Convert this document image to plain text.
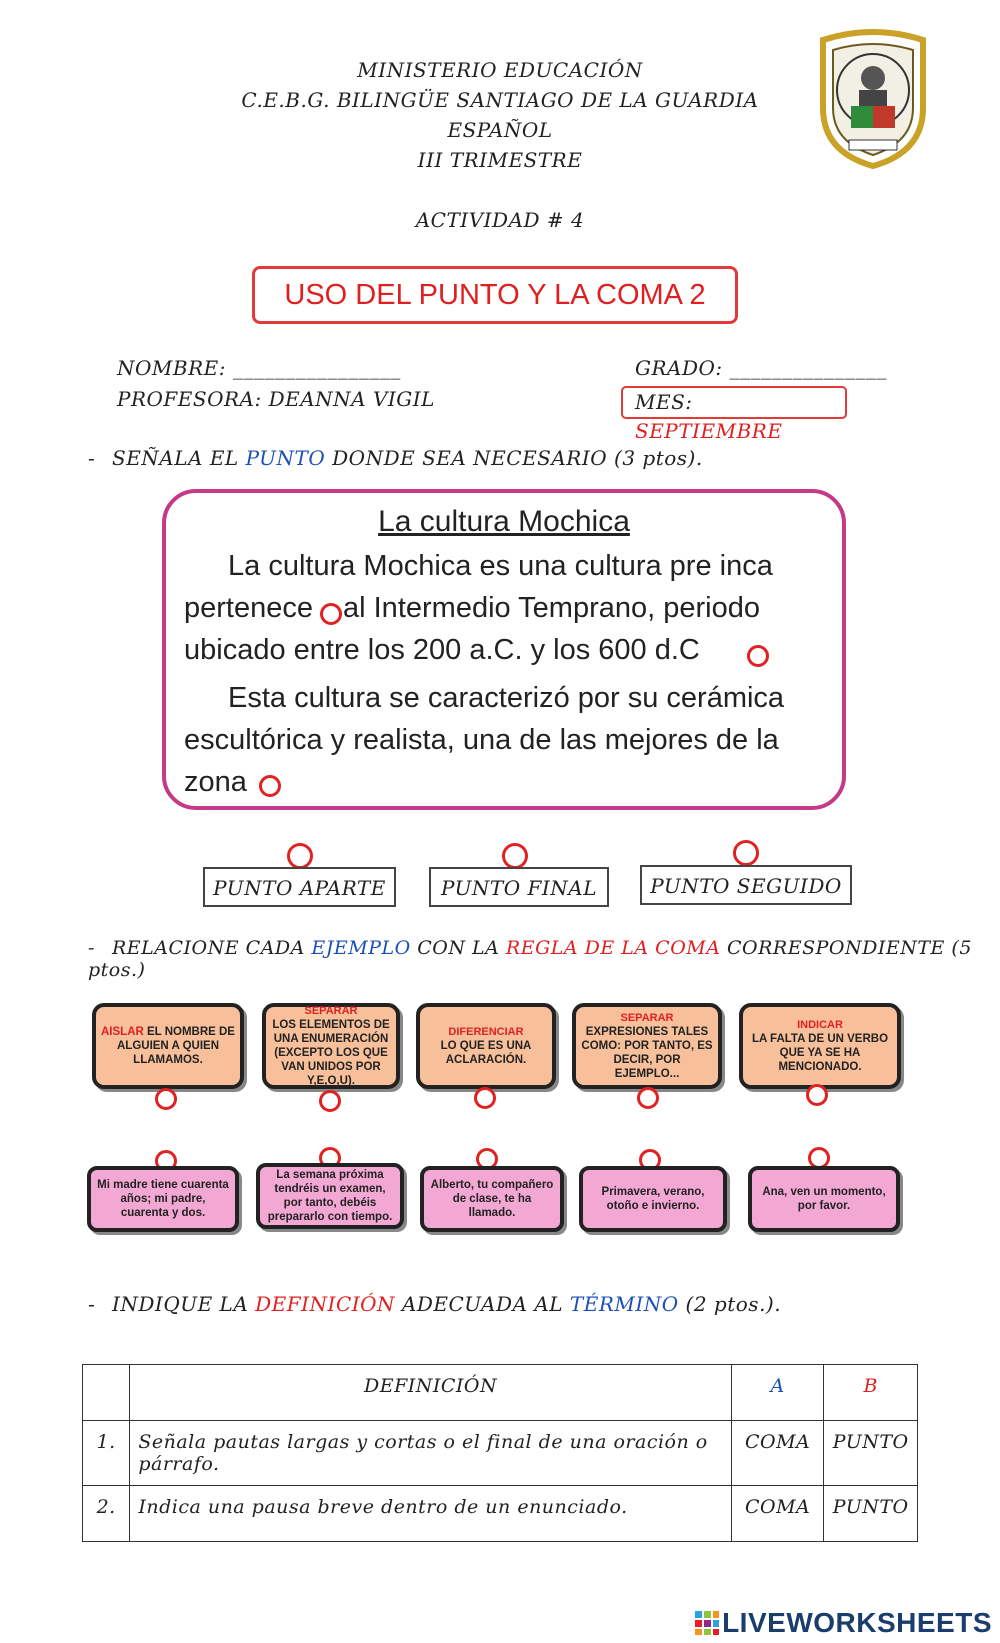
MINISTERIO EDUCACIÓN
C.E.B.G. BILINGÜE SANTIAGO DE LA GUARDIA
ESPAÑOL
III TRIMESTRE
ACTIVIDAD # 4
USO DEL PUNTO Y LA COMA 2
NOMBRE: ________________
PROFESORA: DEANNA VIGIL
GRADO: _______________
MES: SEPTIEMBRE
- SEÑALA EL PUNTO DONDE SEA NECESARIO (3 ptos).
La cultura Mochica

La cultura Mochica es una cultura pre inca

pertenece al Intermedio Temprano, periodo

ubicado entre los 200 a.C. y los 600 d.C

Esta cultura se caracterizó por su cerámica

escultórica y realista, una de las mejores de la

zona

PUNTO APARTE	PUNTO FINAL	PUNTO SEGUIDO
- RELACIONE CADA EJEMPLO CON LA REGLA DE LA COMA CORRESPONDIENTE (5 ptos.)
AISLAR EL NOMBRE DE ALGUIEN A QUIEN LLAMAMOS.
SEPARAR
LOS ELEMENTOS DE UNA ENUMERACIÓN (EXCEPTO LOS QUE VAN UNIDOS POR Y,E,O,U).
DIFERENCIAR
LO QUE ES UNA ACLARACIÓN.
SEPARAR
EXPRESIONES TALES COMO: POR TANTO, ES DECIR, POR EJEMPLO...
INDICAR
LA FALTA DE UN VERBO QUE YA SE HA MENCIONADO.
Mi madre tiene cuarenta años; mi padre, cuarenta y dos.
La semana próxima tendréis un examen, por tanto, debéis prepararlo con tiempo.
Alberto, tu compañero de clase, te ha llamado.
Primavera, verano, otoño e invierno.
Ana, ven un momento, por favor.
- INDIQUE LA DEFINICIÓN ADECUADA AL TÉRMINO (2 ptos.).
	DEFINICIÓN	A	B
1.	Señala pautas largas y cortas o el final de una oración o párrafo.	COMA	PUNTO
2.	Indica una pausa breve dentro de un enunciado.	COMA	PUNTO
LIVEWORKSHEETS
